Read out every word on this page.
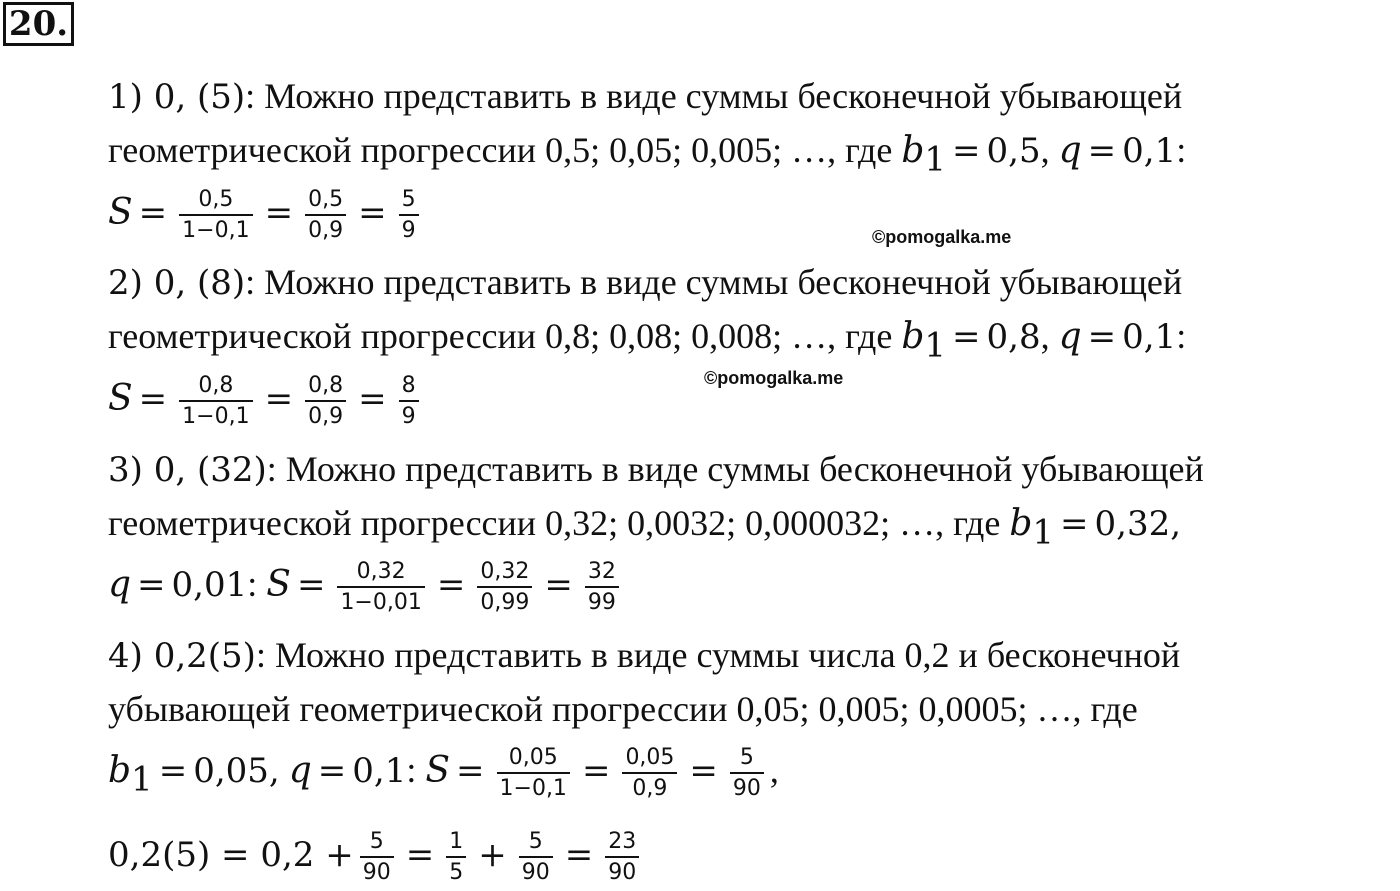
20.
1) 0, (5): Можно представить в виде суммы бесконечной убывающей
геометрической прогрессии 0,5; 0,05; 0,005; …, где $b_1 = 0,5$, q = 0,1:
$S = \frac{0,5}{1-0,1} = \frac{0,5}{0,9} = \frac{5}{9}$	©pomogalka.me
2) 0, (8): Можно представить в виде суммы бесконечной убывающей
геометрической прогрессии 0,8; 0,08; 0,008; …, где $b_1 = 0,8$, q = 0,1:
$S = \frac{0,8}{1-0,1} = \frac{0,8}{0,9} = \frac{8}{9}$	©pomogalka.me
3) 0, (32): Можно представить в виде суммы бесконечной убывающей
геометрической прогрессии 0,32; 0,0032; 0,000032; …, где $b_1 = 0,32$,
q = 0,01: $S = \frac{0,32}{1-0,01} = \frac{0,32}{0,99} = \frac{32}{99}$
4) 0,2(5): Можно представить в виде суммы числа 0,2 и бесконечной
убывающей геометрической прогрессии 0,05; 0,005; 0,0005; …, где
$b_1 = 0,05$, q = 0,1: $S = \frac{0,05}{1-0,1} = \frac{0,05}{0,9} = \frac{5}{90}$ ,
$0,2(5) = 0,2 + \frac{5}{90} = \frac{1}{5} + \frac{5}{90} = \frac{23}{90}$
